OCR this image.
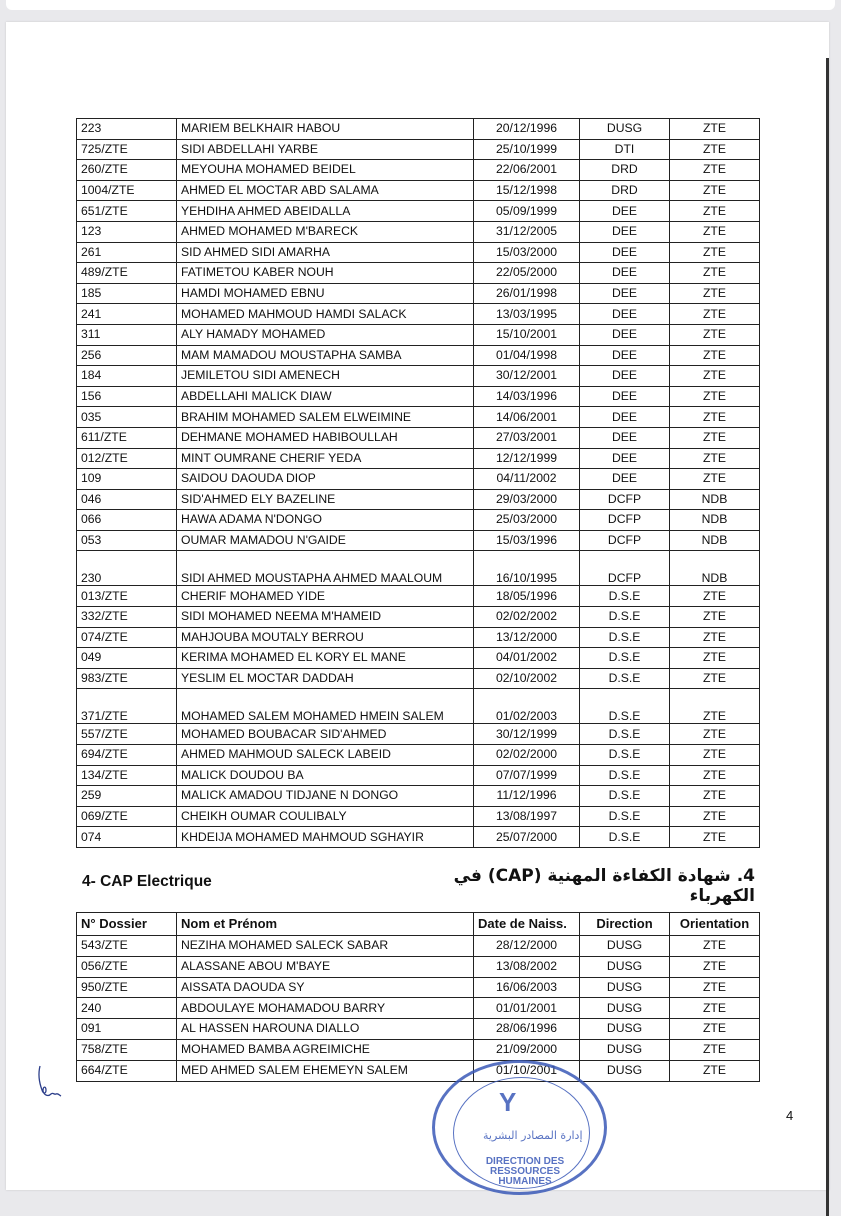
223	MARIEM BELKHAIR HABOU	20/12/1996	DUSG	ZTE
725/ZTE	SIDI ABDELLAHI YARBE	25/10/1999	DTI	ZTE
260/ZTE	MEYOUHA MOHAMED BEIDEL	22/06/2001	DRD	ZTE
1004/ZTE	AHMED EL MOCTAR ABD SALAMA	15/12/1998	DRD	ZTE
651/ZTE	YEHDIHA AHMED ABEIDALLA	05/09/1999	DEE	ZTE
123	AHMED MOHAMED M'BARECK	31/12/2005	DEE	ZTE
261	SID AHMED SIDI AMARHA	15/03/2000	DEE	ZTE
489/ZTE	FATIMETOU KABER NOUH	22/05/2000	DEE	ZTE
185	HAMDI MOHAMED EBNU	26/01/1998	DEE	ZTE
241	MOHAMED MAHMOUD HAMDI SALACK	13/03/1995	DEE	ZTE
311	ALY HAMADY MOHAMED	15/10/2001	DEE	ZTE
256	MAM MAMADOU MOUSTAPHA SAMBA	01/04/1998	DEE	ZTE
184	JEMILETOU SIDI AMENECH	30/12/2001	DEE	ZTE
156	ABDELLAHI MALICK DIAW	14/03/1996	DEE	ZTE
035	BRAHIM MOHAMED SALEM ELWEIMINE	14/06/2001	DEE	ZTE
611/ZTE	DEHMANE MOHAMED HABIBOULLAH	27/03/2001	DEE	ZTE
012/ZTE	MINT OUMRANE CHERIF YEDA	12/12/1999	DEE	ZTE
109	SAIDOU DAOUDA DIOP	04/11/2002	DEE	ZTE
046	SID'AHMED ELY BAZELINE	29/03/2000	DCFP	NDB
066	HAWA ADAMA N'DONGO	25/03/2000	DCFP	NDB
053	OUMAR MAMADOU N'GAIDE	15/03/1996	DCFP	NDB
230	SIDI AHMED MOUSTAPHA AHMED MAALOUM	16/10/1995	DCFP	NDB
013/ZTE	CHERIF MOHAMED YIDE	18/05/1996	D.S.E	ZTE
332/ZTE	SIDI MOHAMED NEEMA M'HAMEID	02/02/2002	D.S.E	ZTE
074/ZTE	MAHJOUBA MOUTALY BERROU	13/12/2000	D.S.E	ZTE
049	KERIMA MOHAMED EL KORY EL MANE	04/01/2002	D.S.E	ZTE
983/ZTE	YESLIM EL MOCTAR DADDAH	02/10/2002	D.S.E	ZTE
371/ZTE	MOHAMED SALEM MOHAMED HMEIN SALEM	01/02/2003	D.S.E	ZTE
557/ZTE	MOHAMED BOUBACAR SID'AHMED	30/12/1999	D.S.E	ZTE
694/ZTE	AHMED MAHMOUD SALECK LABEID	02/02/2000	D.S.E	ZTE
134/ZTE	MALICK DOUDOU BA	07/07/1999	D.S.E	ZTE
259	MALICK AMADOU TIDJANE N DONGO	11/12/1996	D.S.E	ZTE
069/ZTE	CHEIKH OUMAR COULIBALY	13/08/1997	D.S.E	ZTE
074	KHDEIJA MOHAMED MAHMOUD SGHAYIR	25/07/2000	D.S.E	ZTE
4- CAP Electrique	4. شهادة الكفاءة المهنية (CAP) في الكهرباء
N° Dossier	Nom et Prénom	Date de Naiss.	Direction	Orientation
543/ZTE	NEZIHA MOHAMED SALECK SABAR	28/12/2000	DUSG	ZTE
056/ZTE	ALASSANE ABOU M'BAYE	13/08/2002	DUSG	ZTE
950/ZTE	AISSATA DAOUDA SY	16/06/2003	DUSG	ZTE
240	ABDOULAYE MOHAMADOU BARRY	01/01/2001	DUSG	ZTE
091	AL HASSEN HAROUNA DIALLO	28/06/1996	DUSG	ZTE
758/ZTE	MOHAMED BAMBA AGREIMICHE	21/09/2000	DUSG	ZTE
664/ZTE	MED AHMED SALEM EHEMEYN SALEM	01/10/2001	DUSG	ZTE
Y
إدارة المصادر البشرية
DIRECTION DES RESSOURCES HUMAINES
4
